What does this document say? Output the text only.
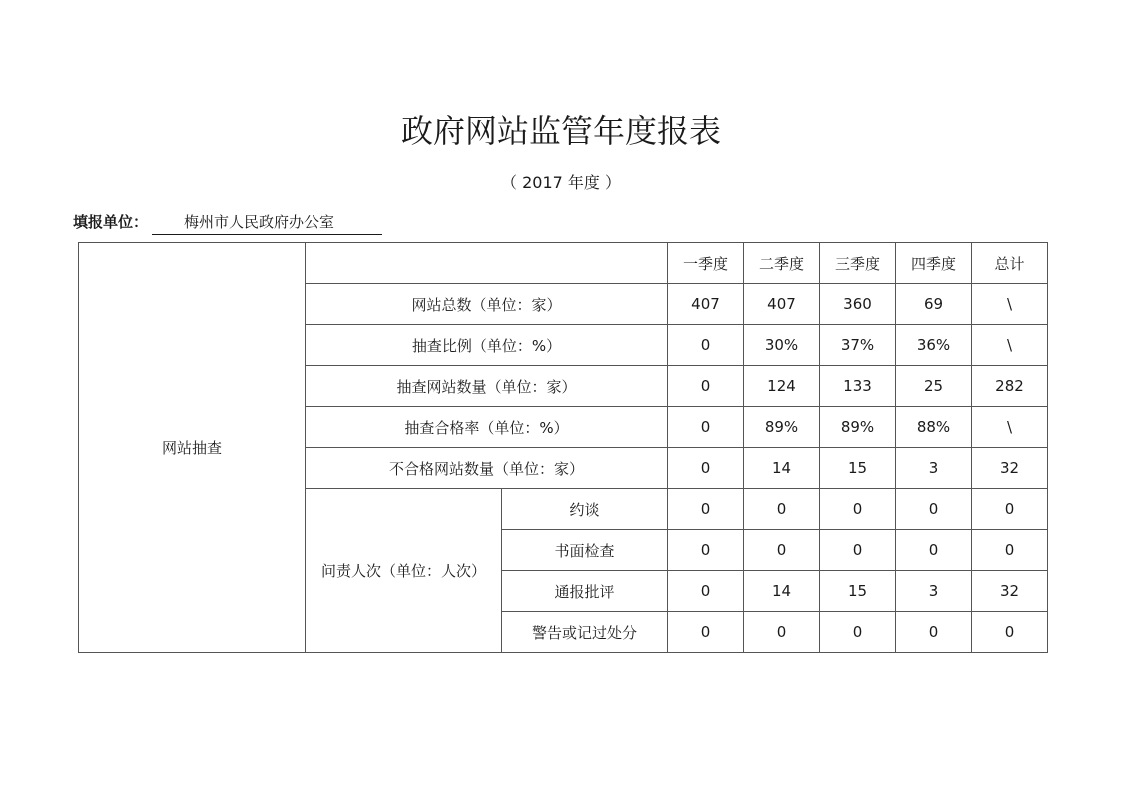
政府网站监管年度报表
（ 2017 年度 ）
填报单位：	梅州市人民政府办公室
网站抽查			一季度	二季度	三季度	四季度	总计
	网站总数（单位：家）		407	407	360	69	\
	抽查比例（单位：%）		0	30%	37%	36%	\
	抽查网站数量（单位：家）		0	124	133	25	282
	抽查合格率（单位：%）		0	89%	89%	88%	\
	不合格网站数量（单位：家）		0	14	15	3	32
	问责人次（单位：人次）	约谈	0	0	0	0	0
		书面检查	0	0	0	0	0
		通报批评	0	14	15	3	32
		警告或记过处分	0	0	0	0	0
